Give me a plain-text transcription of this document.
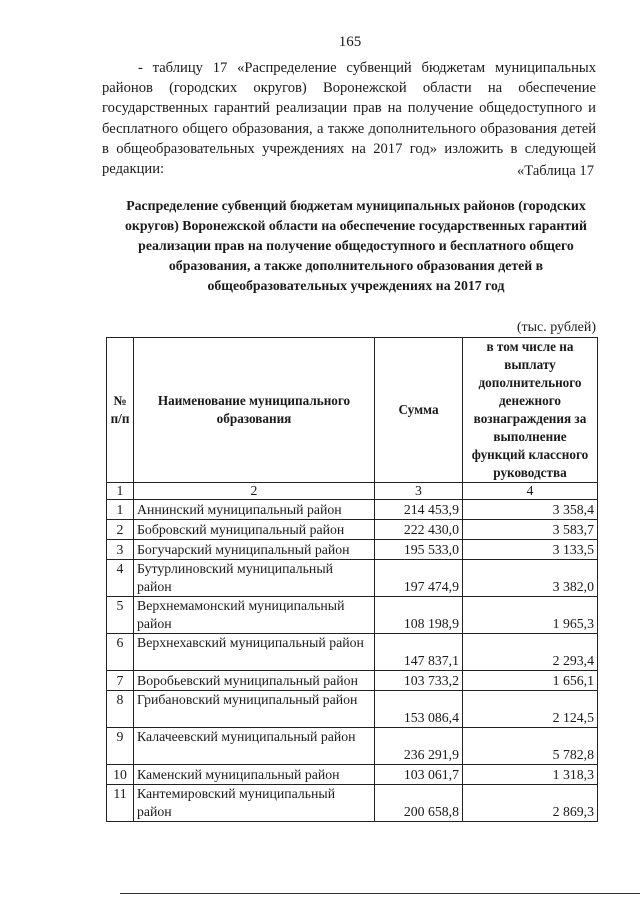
165

- таблицу 17 «Распределение субвенций бюджетам муниципальных районов (городских округов) Воронежской области на обеспечение государственных гарантий реализации прав на получение общедоступного и бесплатного общего образования, а также дополнительного образования детей в общеобразовательных учреждениях на 2017 год» изложить в следующей редакции:	«Таблица 17
Распределение субвенций бюджетам муниципальных районов (городских округов) Воронежской области на обеспечение государственных гарантий реализации прав на получение общедоступного и бесплатного общего образования, а также дополнительного образования детей в общеобразовательных учреждениях на 2017 год
(тыс. рублей)
№ п/п	Наименование муниципального образования	Сумма	в том числе на выплату дополнительного денежного вознаграждения за выполнение функций классного руководства
1	2	3	4
1	Аннинский муниципальный район	214 453,9	3 358,4
2	Бобровский муниципальный район	222 430,0	3 583,7
3	Богучарский муниципальный район	195 533,0	3 133,5
4	Бутурлиновский муниципальный район	197 474,9	3 382,0
5	Верхнемамонский муниципальный район	108 198,9	1 965,3
6	Верхнехавский муниципальный район	147 837,1	2 293,4
7	Воробьевский муниципальный район	103 733,2	1 656,1
8	Грибановский муниципальный район	153 086,4	2 124,5
9	Калачеевский муниципальный район	236 291,9	5 782,8
10	Каменский муниципальный район	103 061,7	1 318,3
11	Кантемировский муниципальный район	200 658,8	2 869,3
